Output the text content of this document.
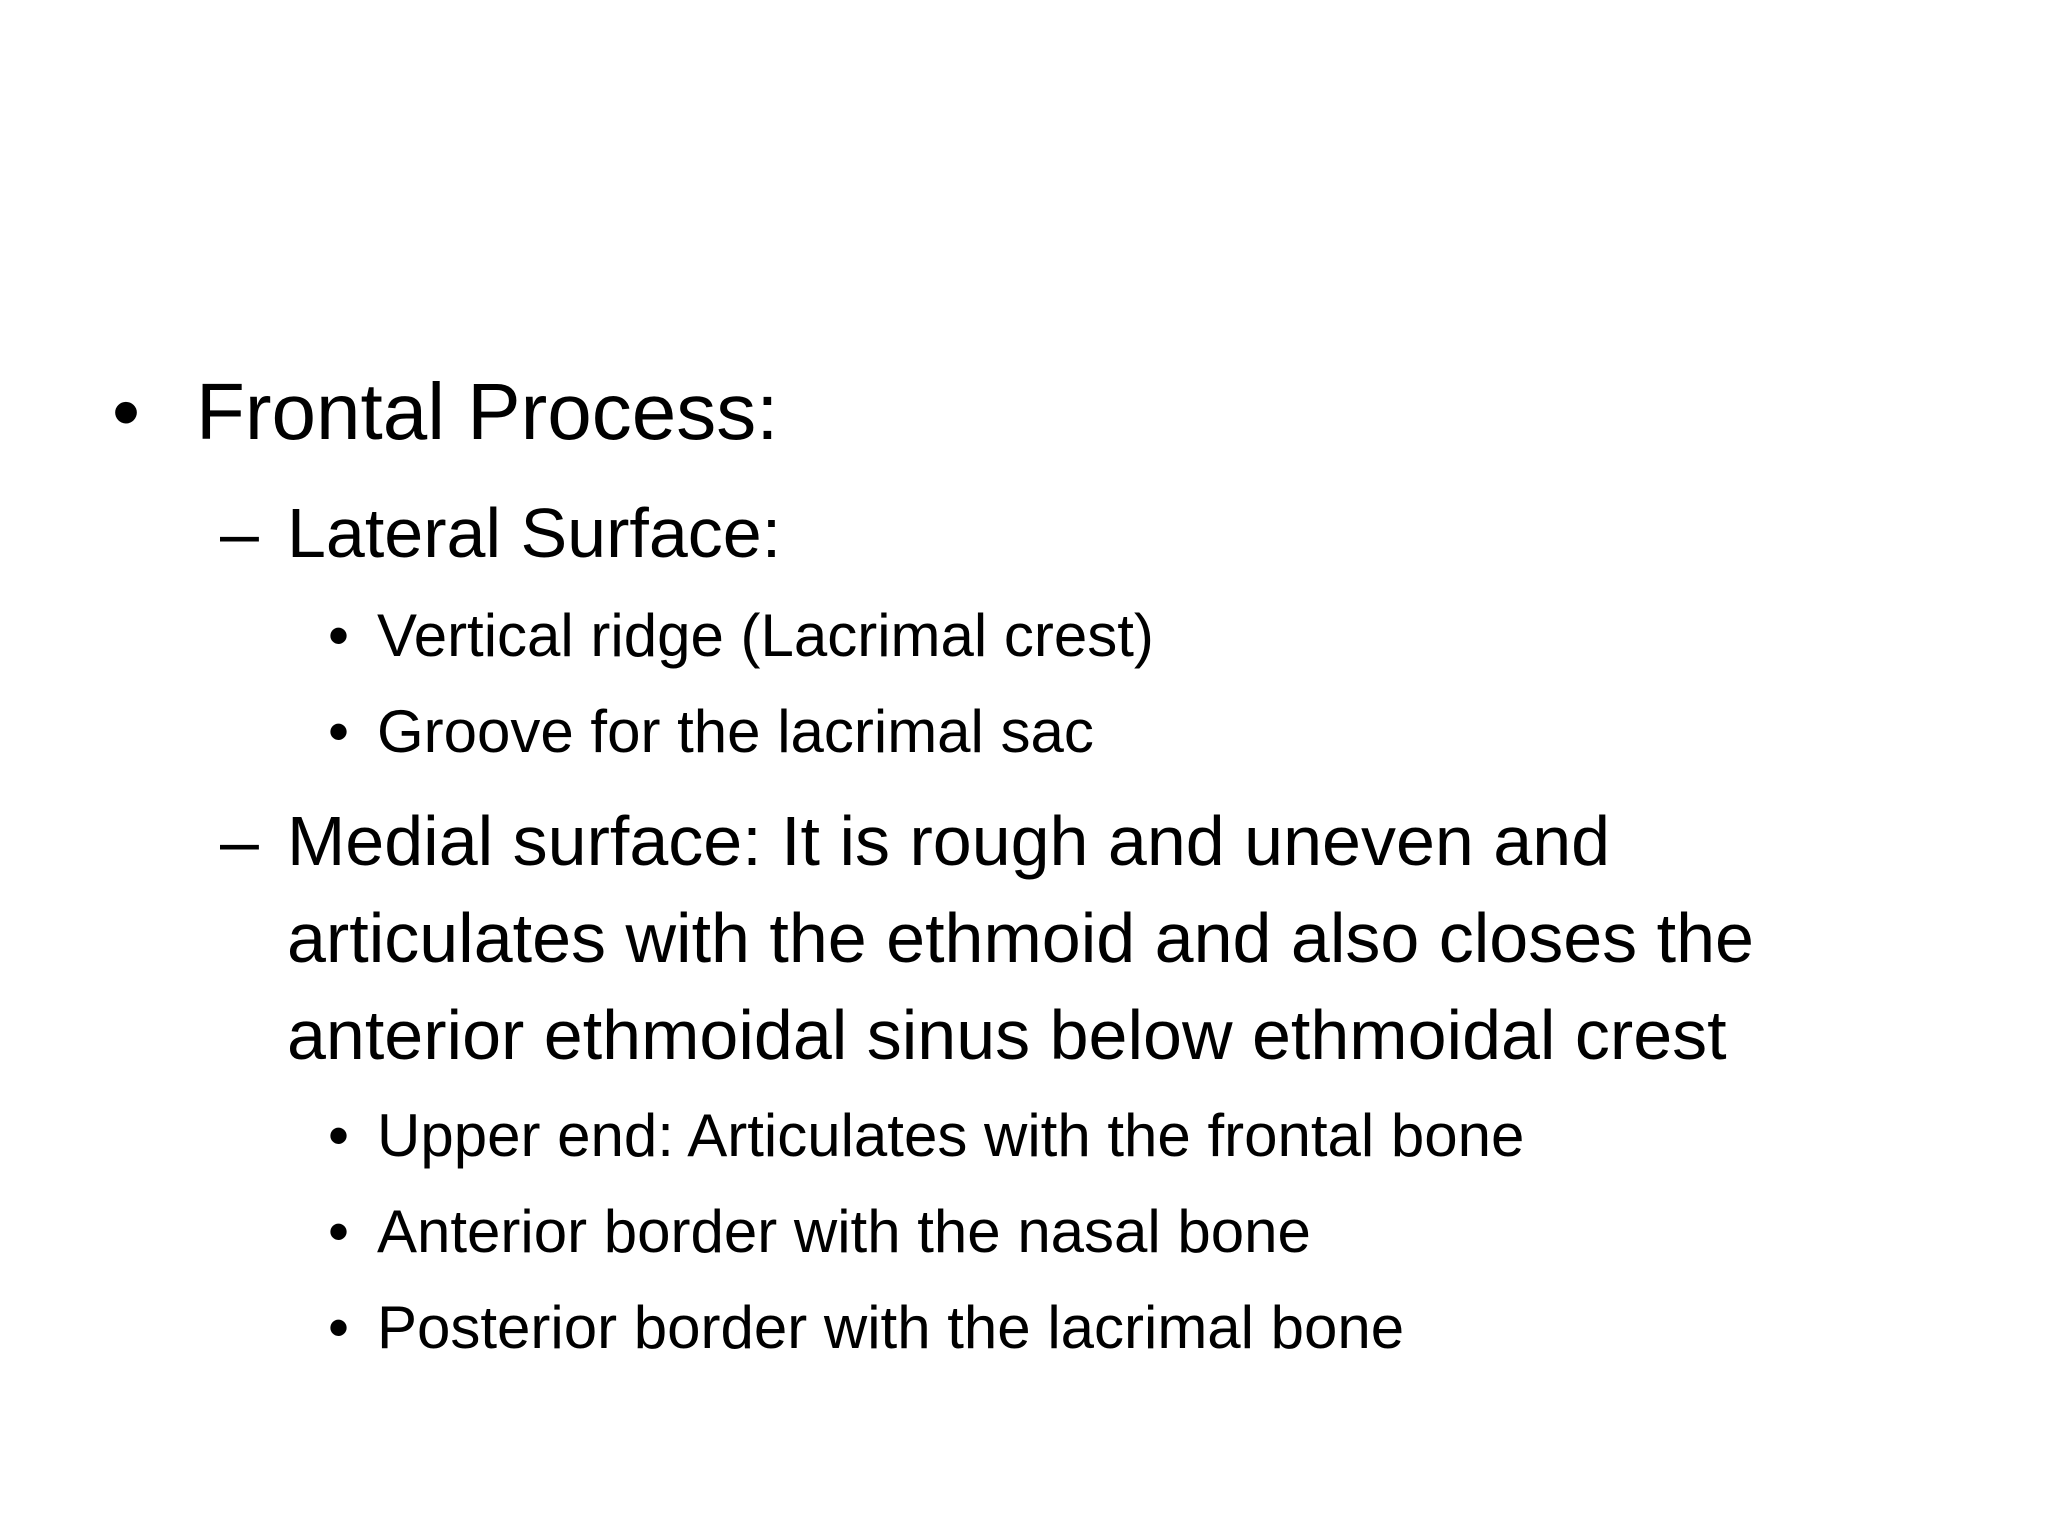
• Frontal Process:
– Lateral Surface:
• Vertical ridge (Lacrimal crest)
• Groove for the lacrimal sac
– Medial surface: It is rough and uneven and
articulates with the ethmoid and also closes the
anterior ethmoidal sinus below ethmoidal crest
• Upper end: Articulates with the frontal bone
• Anterior border with the nasal bone
• Posterior border with the lacrimal bone
